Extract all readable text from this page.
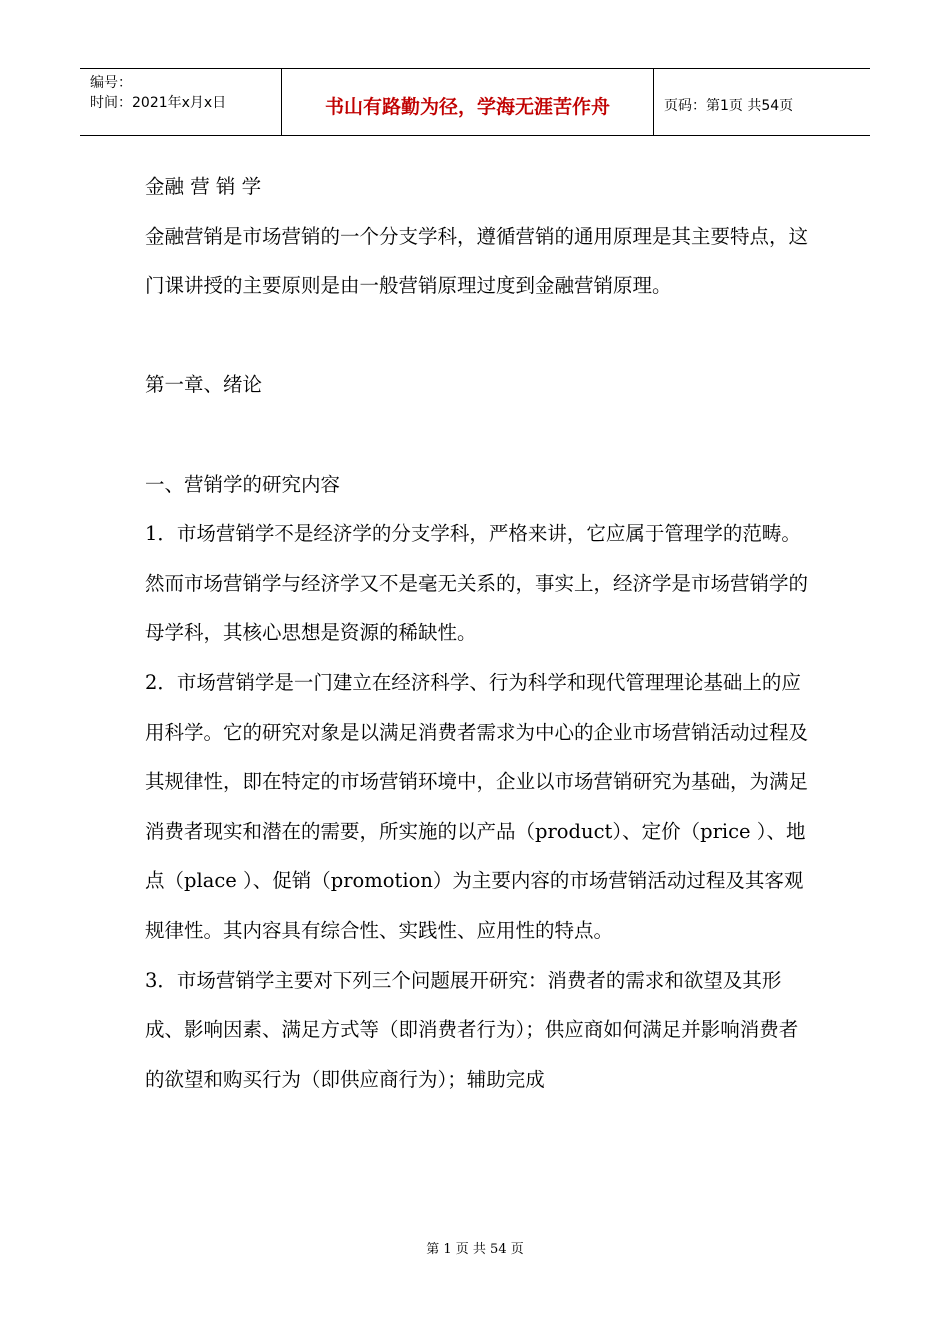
编号：
时间：2021年x月x日	书山有路勤为径，学海无涯苦作舟	页码：第1页 共54页

金融 营 销 学

金融营销是市场营销的一个分支学科，遵循营销的通用原理是其主要特点，这门课讲授的主要原则是由一般营销原理过度到金融营销原理。

第一章、绪论

一、营销学的研究内容

1．市场营销学不是经济学的分支学科，严格来讲，它应属于管理学的范畴。然而市场营销学与经济学又不是毫无关系的，事实上，经济学是市场营销学的母学科，其核心思想是资源的稀缺性。

2．市场营销学是一门建立在经济科学、行为科学和现代管理理论基础上的应用科学。它的研究对象是以满足消费者需求为中心的企业市场营销活动过程及其规律性，即在特定的市场营销环境中，企业以市场营销研究为基础，为满足消费者现实和潜在的需要，所实施的以产品（product）、定价（price ）、地点（place ）、促销（promotion）为主要内容的市场营销活动过程及其客观规律性。其内容具有综合性、实践性、应用性的特点。

3．市场营销学主要对下列三个问题展开研究：消费者的需求和欲望及其形成、影响因素、满足方式等（即消费者行为）；供应商如何满足并影响消费者的欲望和购买行为（即供应商行为）；辅助完成

第 1 页 共 54 页
